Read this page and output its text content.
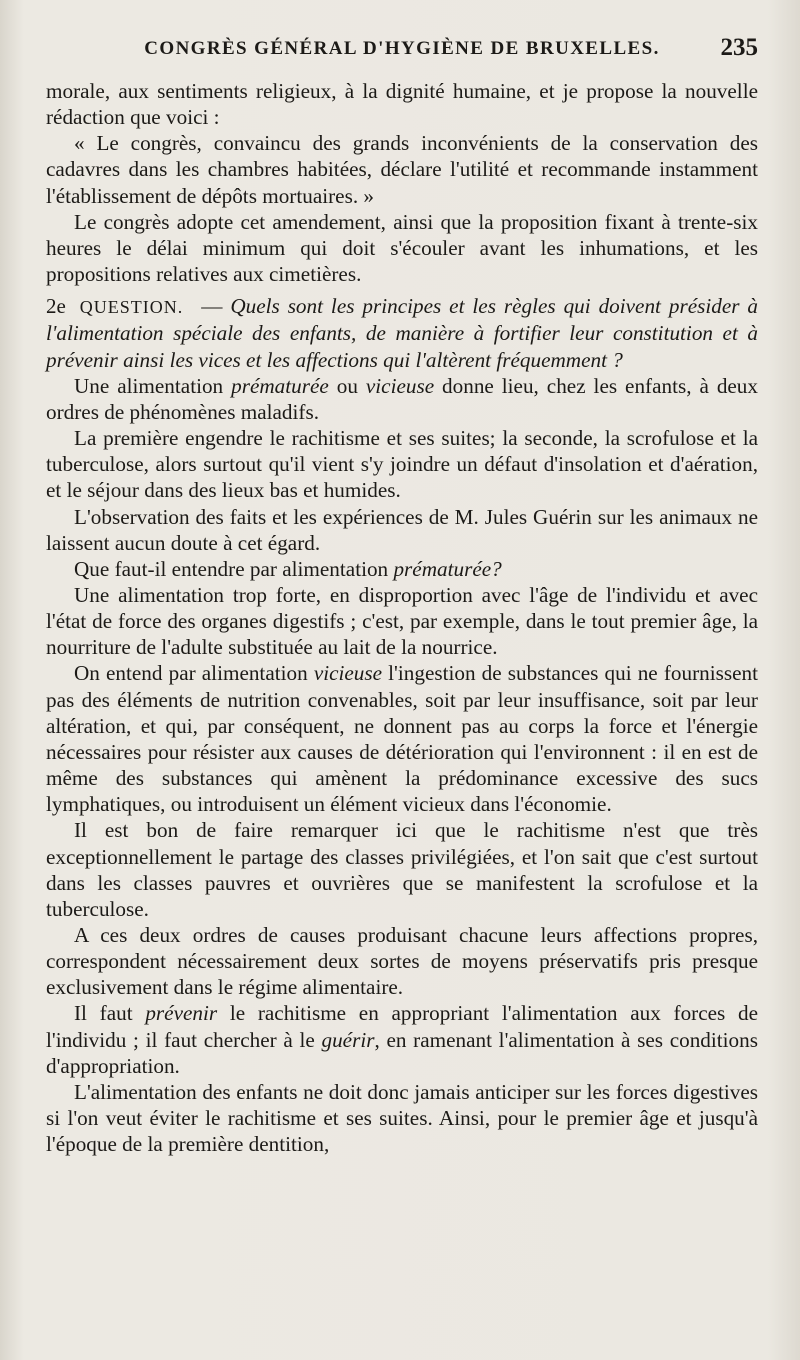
CONGRÈS GÉNÉRAL D'HYGIÈNE DE BRUXELLES. 235

morale, aux sentiments religieux, à la dignité humaine, et je propose la nouvelle rédaction que voici :

« Le congrès, convaincu des grands inconvénients de la conservation des cadavres dans les chambres habitées, déclare l'utilité et recommande instamment l'établissement de dépôts mortuaires. »

Le congrès adopte cet amendement, ainsi que la proposition fixant à trente-six heures le délai minimum qui doit s'écouler avant les inhumations, et les propositions relatives aux cimetières.

2e QUESTION. — Quels sont les principes et les règles qui doivent présider à l'alimentation spéciale des enfants, de manière à fortifier leur constitution et à prévenir ainsi les vices et les affections qui l'altèrent fréquemment ?

Une alimentation prématurée ou vicieuse donne lieu, chez les enfants, à deux ordres de phénomènes maladifs.

La première engendre le rachitisme et ses suites; la seconde, la scrofulose et la tuberculose, alors surtout qu'il vient s'y joindre un défaut d'insolation et d'aération, et le séjour dans des lieux bas et humides.

L'observation des faits et les expériences de M. Jules Guérin sur les animaux ne laissent aucun doute à cet égard.

Que faut-il entendre par alimentation prématurée?

Une alimentation trop forte, en disproportion avec l'âge de l'individu et avec l'état de force des organes digestifs ; c'est, par exemple, dans le tout premier âge, la nourriture de l'adulte substituée au lait de la nourrice.

On entend par alimentation vicieuse l'ingestion de substances qui ne fournissent pas des éléments de nutrition convenables, soit par leur insuffisance, soit par leur altération, et qui, par conséquent, ne donnent pas au corps la force et l'énergie nécessaires pour résister aux causes de détérioration qui l'environnent : il en est de même des substances qui amènent la prédominance excessive des sucs lymphatiques, ou introduisent un élément vicieux dans l'économie.

Il est bon de faire remarquer ici que le rachitisme n'est que très exceptionnellement le partage des classes privilégiées, et l'on sait que c'est surtout dans les classes pauvres et ouvrières que se manifestent la scrofulose et la tuberculose.

A ces deux ordres de causes produisant chacune leurs affections propres, correspondent nécessairement deux sortes de moyens préservatifs pris presque exclusivement dans le régime alimentaire.

Il faut prévenir le rachitisme en appropriant l'alimentation aux forces de l'individu ; il faut chercher à le guérir, en ramenant l'alimentation à ses conditions d'appropriation.

L'alimentation des enfants ne doit donc jamais anticiper sur les forces digestives si l'on veut éviter le rachitisme et ses suites. Ainsi, pour le premier âge et jusqu'à l'époque de la première dentition,
